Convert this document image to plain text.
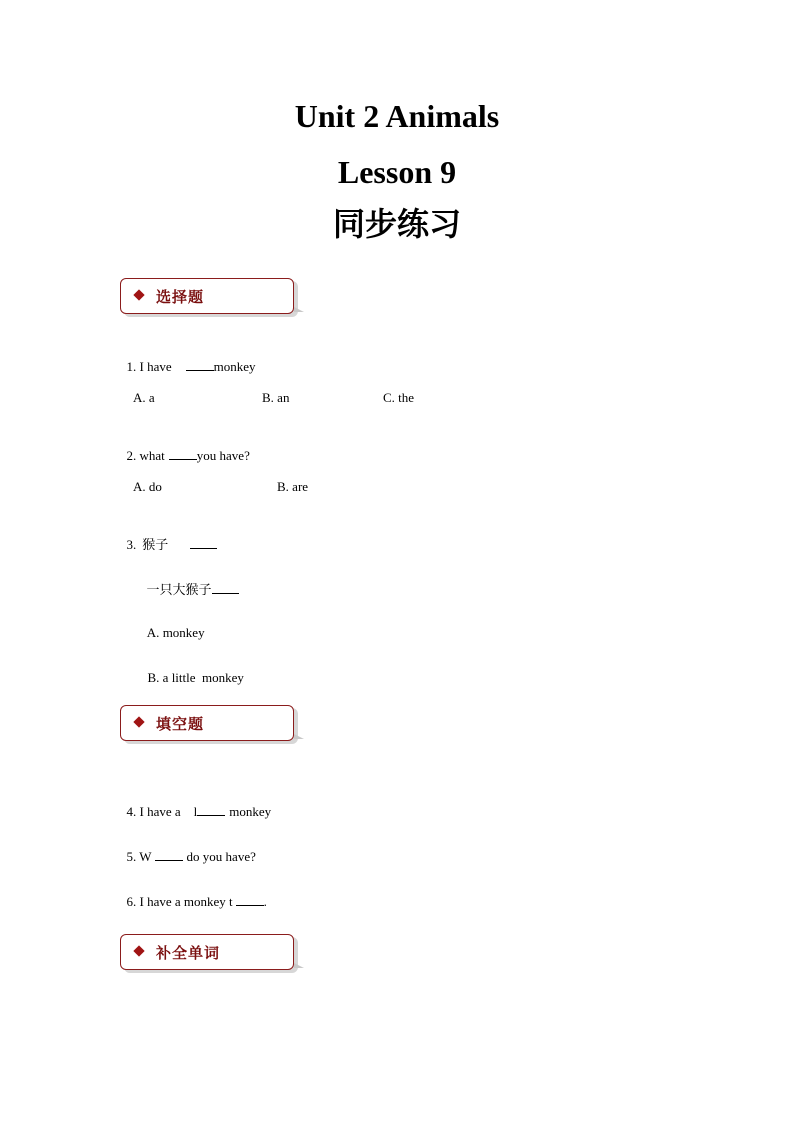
Unit 2 Animals
Lesson 9
同步练习
选择题

1. I have	monkey

A. a	B. an	C. the

2. what you have?

A. do	B. are

3. 猴子

一只大猴子

A. monkey

B. a little  monkey

填空题

4. I have a l monkey

5. W	do you have?

6. I have a monkey t .

补全单词
